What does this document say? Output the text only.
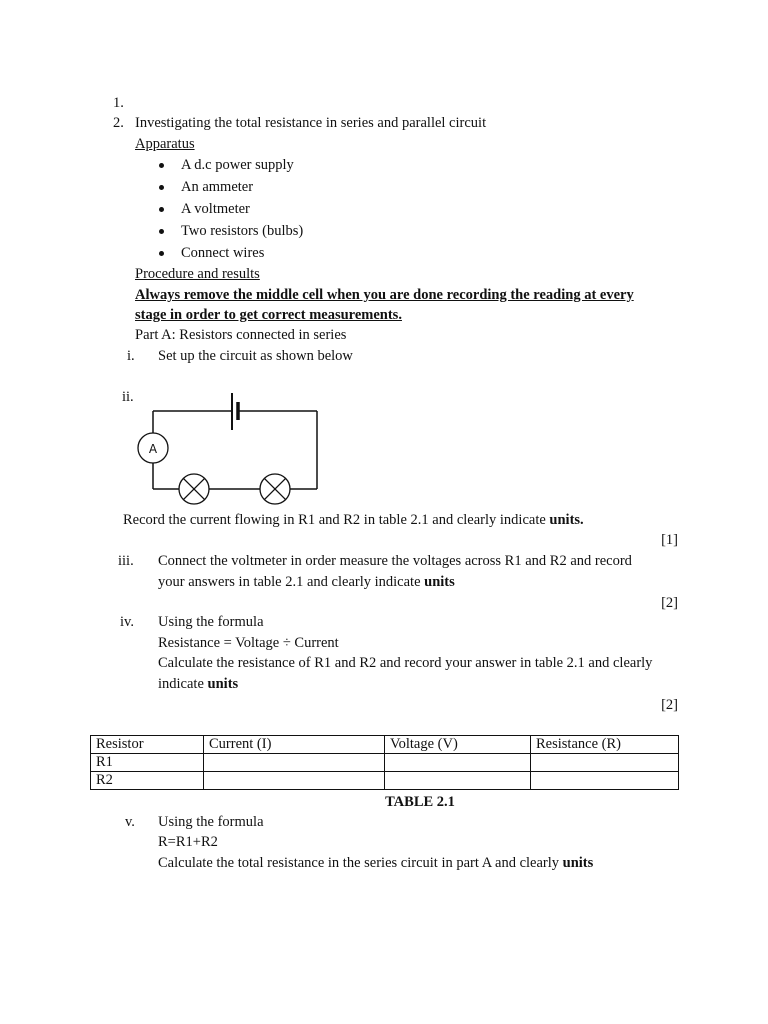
1.
2. Investigating the total resistance in series and parallel circuit
Apparatus
A d.c power supply
An ammeter
A voltmeter
Two resistors (bulbs)
Connect wires
Procedure and results
Always remove the middle cell when you are done recording the reading at every
stage in order to get correct measurements.
Part A: Resistors connected in series
i. Set up the circuit as shown below
ii.
A
Record the current flowing in R1 and R2 in table 2.1 and clearly indicate units.
[1]
iii. Connect the voltmeter in order measure the voltages across R1 and R2 and record
your answers in table 2.1 and clearly indicate units
[2]
iv. Using the formula
Resistance = Voltage ÷ Current
Calculate the resistance of R1 and R2 and record your answer in table 2.1 and clearly
indicate units
[2]
Resistor	Current (I)	Voltage (V)	Resistance (R)
R1			
R2			
TABLE 2.1
v. Using the formula
R=R1+R2
Calculate the total resistance in the series circuit in part A and clearly units
